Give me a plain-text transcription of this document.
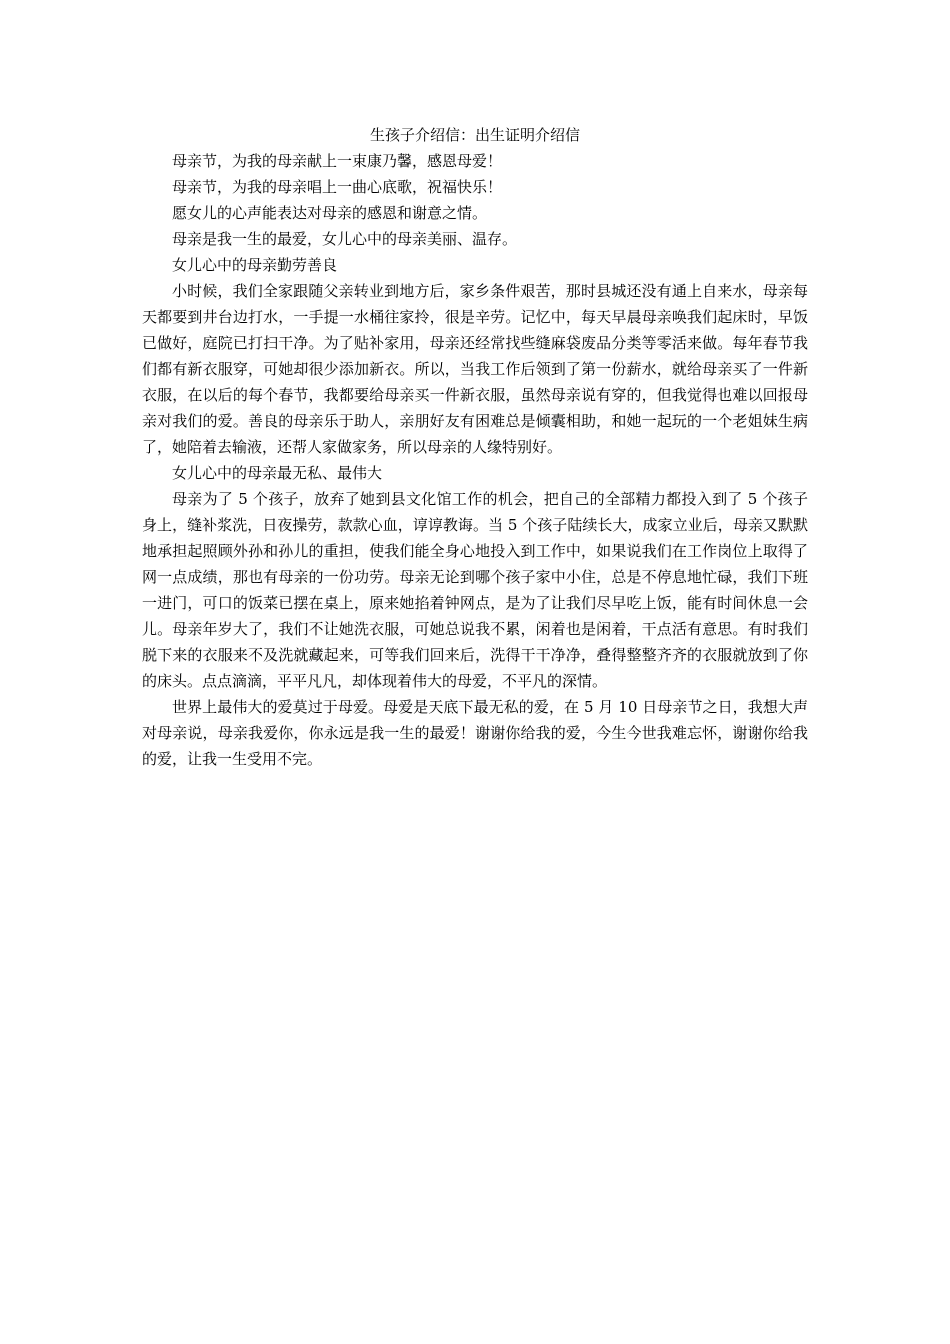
生孩子介绍信：出生证明介绍信

母亲节，为我的母亲献上一束康乃馨，感恩母爱！

母亲节，为我的母亲唱上一曲心底歌，祝福快乐！

愿女儿的心声能表达对母亲的感恩和谢意之情。

母亲是我一生的最爱，女儿心中的母亲美丽、温存。

女儿心中的母亲勤劳善良

小时候，我们全家跟随父亲转业到地方后，家乡条件艰苦，那时县城还没有通上自来水，母亲每天都要到井台边打水，一手提一水桶往家拎，很是辛劳。记忆中，每天早晨母亲唤我们起床时，早饭已做好，庭院已打扫干净。为了贴补家用，母亲还经常找些缝麻袋废品分类等零活来做。每年春节我们都有新衣服穿，可她却很少添加新衣。所以，当我工作后领到了第一份薪水，就给母亲买了一件新衣服，在以后的每个春节，我都要给母亲买一件新衣服，虽然母亲说有穿的，但我觉得也难以回报母亲对我们的爱。善良的母亲乐于助人，亲朋好友有困难总是倾囊相助，和她一起玩的一个老姐妹生病了，她陪着去输液，还帮人家做家务，所以母亲的人缘特别好。

女儿心中的母亲最无私、最伟大

母亲为了 5 个孩子，放弃了她到县文化馆工作的机会，把自己的全部精力都投入到了 5 个孩子身上，缝补浆洗，日夜操劳，款款心血，谆谆教诲。当 5 个孩子陆续长大，成家立业后，母亲又默默地承担起照顾外孙和孙儿的重担，使我们能全身心地投入到工作中，如果说我们在工作岗位上取得了网一点成绩，那也有母亲的一份功劳。母亲无论到哪个孩子家中小住，总是不停息地忙碌，我们下班一进门，可口的饭菜已摆在桌上，原来她掐着钟网点，是为了让我们尽早吃上饭，能有时间休息一会儿。母亲年岁大了，我们不让她洗衣服，可她总说我不累，闲着也是闲着，干点活有意思。有时我们脱下来的衣服来不及洗就藏起来，可等我们回来后，洗得干干净净，叠得整整齐齐的衣服就放到了你的床头。点点滴滴，平平凡凡，却体现着伟大的母爱，不平凡的深情。

世界上最伟大的爱莫过于母爱。母爱是天底下最无私的爱，在 5 月 10 日母亲节之日，我想大声对母亲说，母亲我爱你，你永远是我一生的最爱！谢谢你给我的爱，今生今世我难忘怀，谢谢你给我的爱，让我一生受用不完。
